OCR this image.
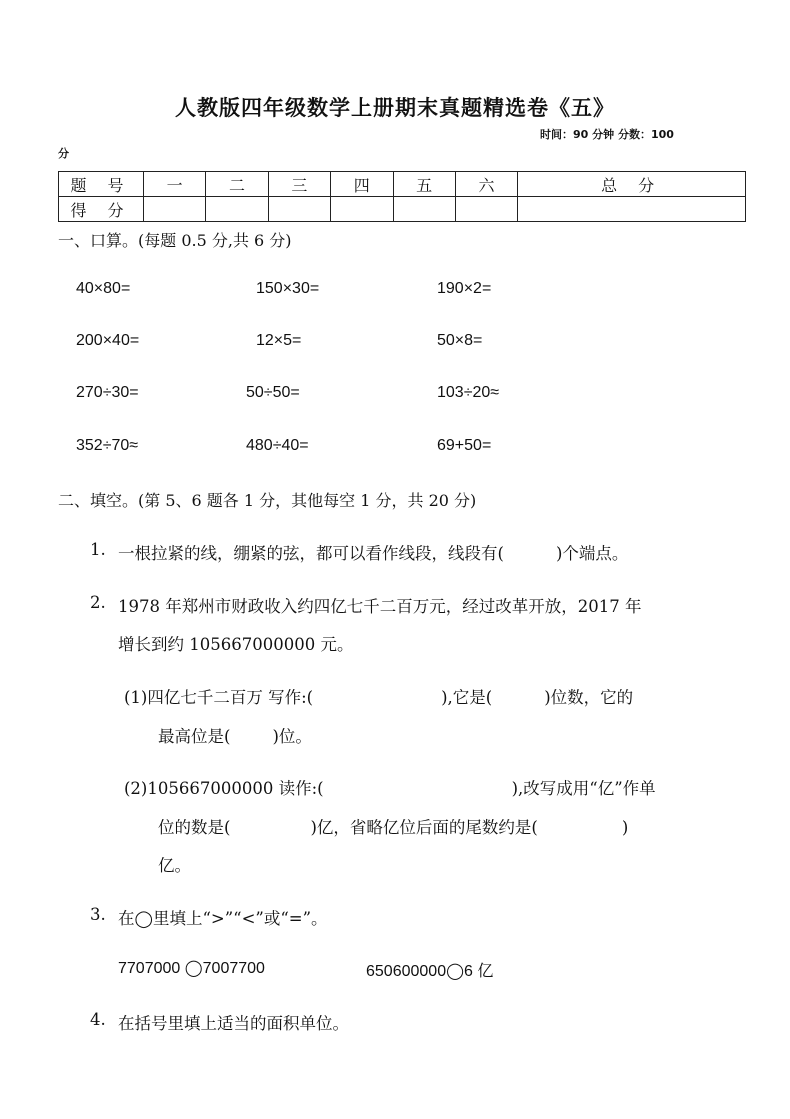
人教版四年级数学上册期末真题精选卷《五》
时间：90 分钟 分数：100
分
题 号	一	二	三	四	五	六	总 分
得 分							
一、口算。(每题 0.5 分,共 6 分)
40×80=	150×30=	190×2=
200×40=	12×5=	50×8=
270÷30=	50÷50=	103÷20≈
352÷70≈	480÷40=	69+50=
二、填空。(第 5、6 题各 1 分，其他每空 1 分，共 20 分)
1. 一根拉紧的线，绷紧的弦，都可以看作线段，线段有(	)个端点。
2. 1978 年郑州市财政收入约四亿七千二百万元，经过改革开放，2017 年
增长到约 105667000000 元。
(1)四亿七千二百万 写作:(	),它是(	)位数，它的
最高位是(	)位。
(2)105667000000 读作:(	),改写成用“亿”作单
位的数是(	)亿，省略亿位后面的尾数约是(	)
亿。
3. 在◯里填上“>”“<”或“=”。
7707000 ◯7007700	650600000◯6 亿
4. 在括号里填上适当的面积单位。
